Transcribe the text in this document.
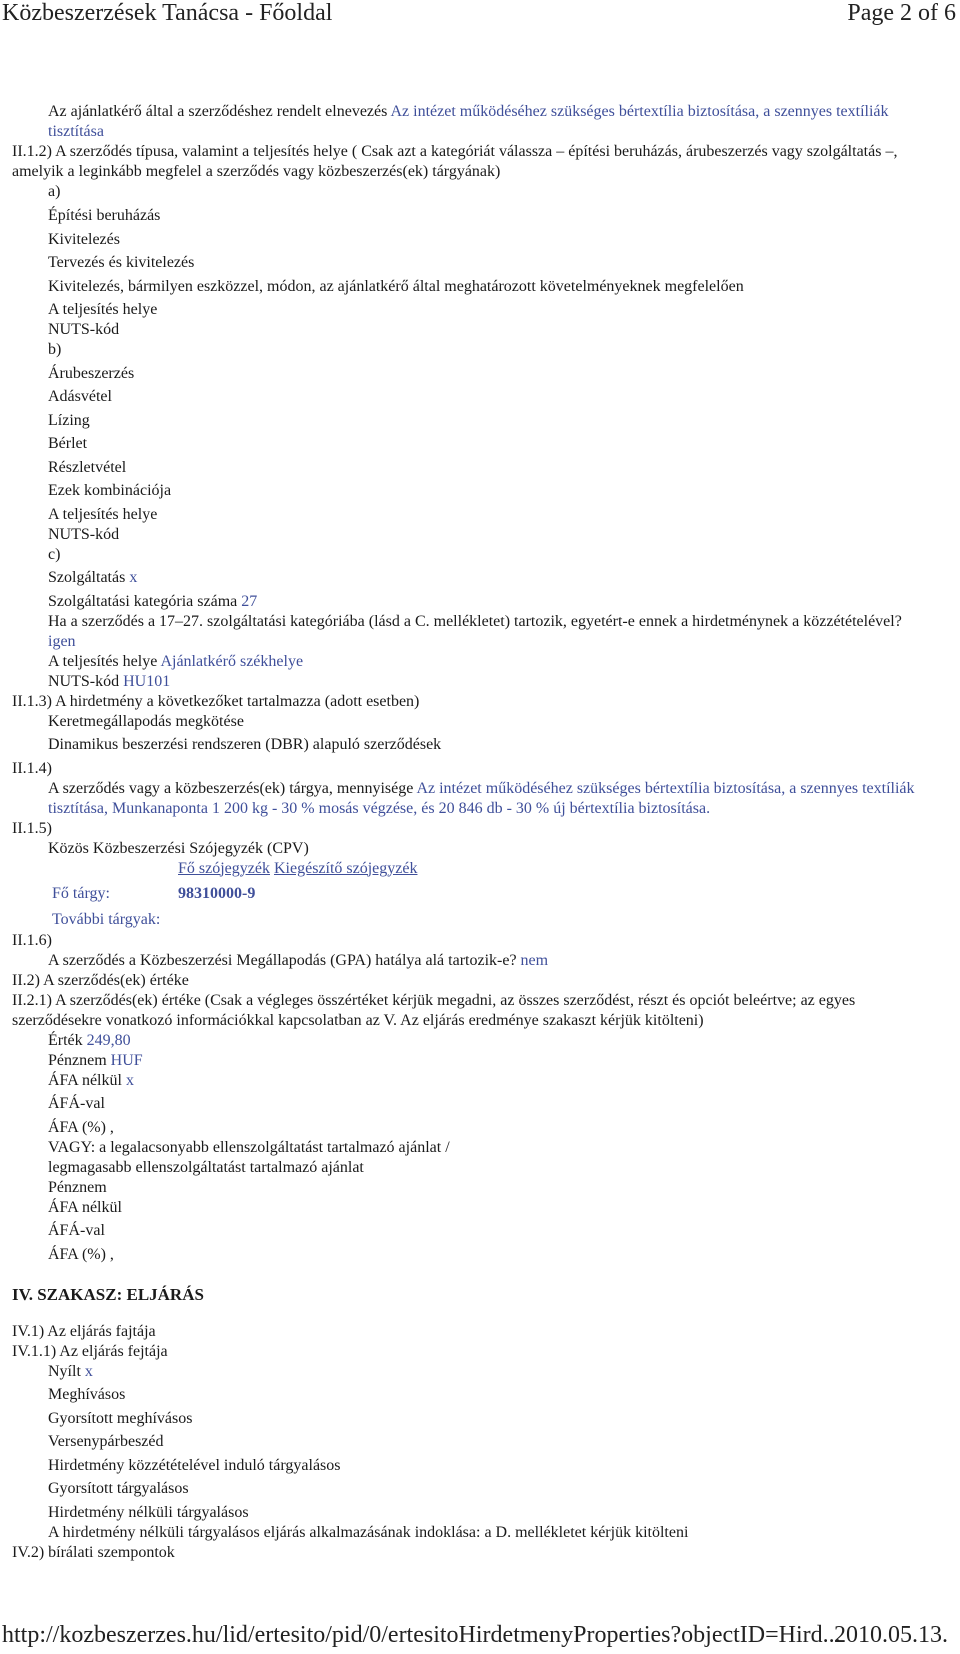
Közbeszerzések Tanácsa - Főoldal	Page 2 of 6

Az ajánlatkérő által a szerződéshez rendelt elnevezés Az intézet működéséhez szükséges bértextília biztosítása, a szennyes textíliák tisztítása

II.1.2) A szerződés típusa, valamint a teljesítés helye ( Csak azt a kategóriát válassza – építési beruházás, árubeszerzés vagy szolgáltatás –, amelyik a leginkább megfelel a szerződés vagy közbeszerzés(ek) tárgyának)

a)

Építési beruházás

Kivitelezés

Tervezés és kivitelezés

Kivitelezés, bármilyen eszközzel, módon, az ajánlatkérő által meghatározott követelményeknek megfelelően

A teljesítés helye

NUTS-kód

b)

Árubeszerzés

Adásvétel

Lízing

Bérlet

Részletvétel

Ezek kombinációja

A teljesítés helye

NUTS-kód

c)

Szolgáltatás x

Szolgáltatási kategória száma 27

Ha a szerződés a 17–27. szolgáltatási kategóriába (lásd a C. mellékletet) tartozik, egyetért-e ennek a hirdetménynek a közzétételével? igen

A teljesítés helye Ajánlatkérő székhelye

NUTS-kód HU101

II.1.3) A hirdetmény a következőket tartalmazza (adott esetben)

Keretmegállapodás megkötése

Dinamikus beszerzési rendszeren (DBR) alapuló szerződések

II.1.4)

A szerződés vagy a közbeszerzés(ek) tárgya, mennyisége Az intézet működéséhez szükséges bértextília biztosítása, a szennyes textíliák tisztítása, Munkanaponta 1 200 kg - 30 % mosás végzése, és 20 846 db - 30 % új bértextília biztosítása.

II.1.5)

Közös Közbeszerzési Szójegyzék (CPV)

Fő szójegyzék Kiegészítő szójegyzék
Fő tárgy:	98310000-9
További tárgyak:

II.1.6)

A szerződés a Közbeszerzési Megállapodás (GPA) hatálya alá tartozik-e? nem

II.2) A szerződés(ek) értéke

II.2.1) A szerződés(ek) értéke (Csak a végleges összértéket kérjük megadni, az összes szerződést, részt és opciót beleértve; az egyes szerződésekre vonatkozó információkkal kapcsolatban az V. Az eljárás eredménye szakaszt kérjük kitölteni)

Érték 249,80

Pénznem HUF

ÁFA nélkül x

ÁFÁ-val

ÁFA (%) ,

VAGY: a legalacsonyabb ellenszolgáltatást tartalmazó ajánlat /

legmagasabb ellenszolgáltatást tartalmazó ajánlat

Pénznem

ÁFA nélkül

ÁFÁ-val

ÁFA (%) ,

IV. SZAKASZ: ELJÁRÁS

IV.1) Az eljárás fajtája

IV.1.1) Az eljárás fejtája

Nyílt x

Meghívásos

Gyorsított meghívásos

Versenypárbeszéd

Hirdetmény közzétételével induló tárgyalásos

Gyorsított tárgyalásos

Hirdetmény nélküli tárgyalásos

A hirdetmény nélküli tárgyalásos eljárás alkalmazásának indoklása: a D. mellékletet kérjük kitölteni

IV.2) bírálati szempontok

http://kozbeszerzes.hu/lid/ertesito/pid/0/ertesitoHirdetmenyProperties?objectID=Hird...
2010.05.13.
